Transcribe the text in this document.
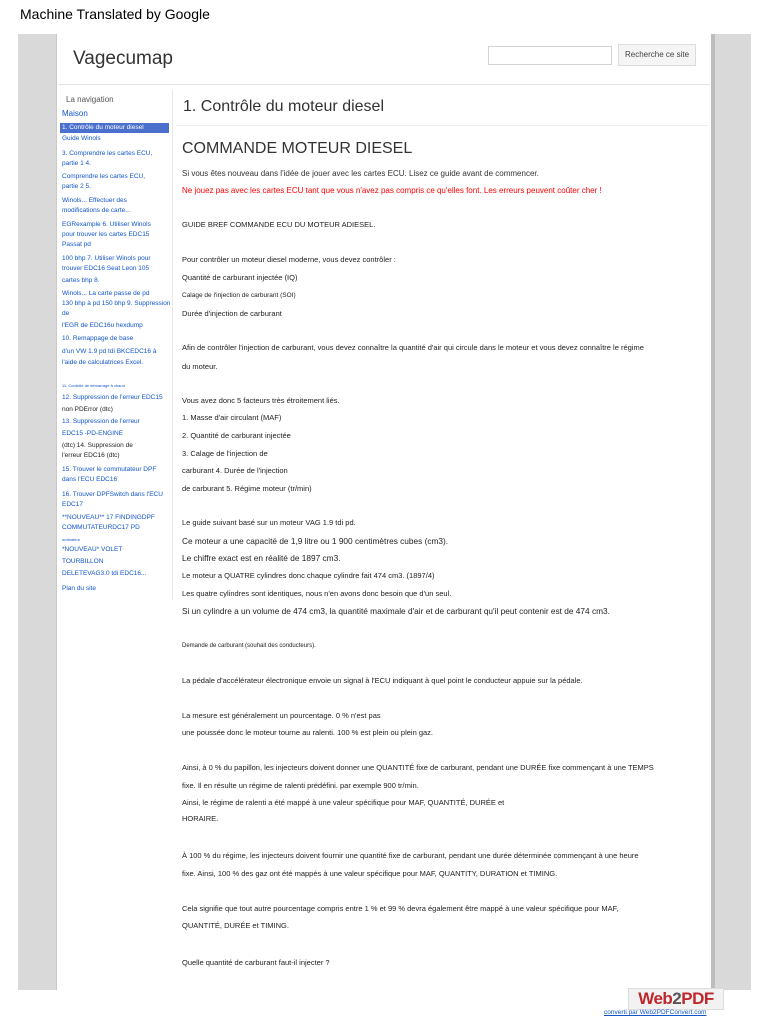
Machine Translated by Google
Vagecumap	Recherche ce site
La navigation
Maison
1. Contrôle du moteur diesel
Guide Winols
3. Comprendre les cartes ECU,
partie 1 4.
Comprendre les cartes ECU,
partie 2 5.
Winols... Effectuer des
modifications de carte...
EGRexample 6. Utiliser Winols
pour trouver les cartes EDC15
Passat pd
100 bhp 7. Utiliser Winols pour
trouver EDC16 Seat Leon 105
cartes bhp 8.
Winols... La carte passe de pd
130 bhp à pd 150 bhp 9. Suppression
de
l'EGR de EDC16u hexdump
10. Remappage de base
d'un VW 1.9 pd tdi BKCEDC16 à
l'aide de calculatrices Excel.
11. Contrôle de démarrage à chaud
12. Suppression de l'erreur EDC15
non PDError (dtc)
13. Suppression de l'erreur
EDC15 -PD-ENGINE
(dtc) 14. Suppression de
l'erreur EDC16 (dtc)
15. Trouver le commutateur DPF
dans l'ECU EDC16
16. Trouver DPFSwitch dans l'ECU
EDC17
**NOUVEAU** 17 FINDINGDPF
COMMUTATEURDC17 PD
ordinateur
*NOUVEAU* VOLET
TOURBILLON
DELETEVAG3.0 tdi EDC16...
Plan du site
1. Contrôle du moteur diesel
COMMANDE MOTEUR DIESEL
Si vous êtes nouveau dans l'idée de jouer avec les cartes ECU. Lisez ce guide avant de commencer.
Ne jouez pas avec les cartes ECU tant que vous n'avez pas compris ce qu'elles font. Les erreurs peuvent coûter cher !
GUIDE BREF COMMANDE ECU DU MOTEUR ADIESEL.
Pour contrôler un moteur diesel moderne, vous devez contrôler :
Quantité de carburant injectée (IQ)
Calage de l'injection de carburant (SOI)
Durée d'injection de carburant
Afin de contrôler l'injection de carburant, vous devez connaître la quantité d'air qui circule dans le moteur et vous devez connaître le régime
du moteur.
Vous avez donc 5 facteurs très étroitement liés.
1. Masse d'air circulant (MAF)
2. Quantité de carburant injectée
3. Calage de l'injection de
carburant 4. Durée de l'injection
de carburant 5. Régime moteur (tr/min)
Le guide suivant basé sur un moteur VAG 1.9 tdi pd.
Ce moteur a une capacité de 1,9 litre ou 1 900 centimètres cubes (cm3).
Le chiffre exact est en réalité de 1897 cm3.
Le moteur a QUATRE cylindres donc chaque cylindre fait 474 cm3. (1897/4)
Les quatre cylindres sont identiques, nous n'en avons donc besoin que d'un seul.
Si un cylindre a un volume de 474 cm3, la quantité maximale d'air et de carburant qu'il peut contenir est de 474 cm3.
Demande de carburant (souhait des conducteurs).
La pédale d'accélérateur électronique envoie un signal à l'ECU indiquant à quel point le conducteur appuie sur la pédale.
La mesure est généralement un pourcentage. 0 % n'est pas
une poussée donc le moteur tourne au ralenti. 100 % est plein ou plein gaz.
Ainsi, à 0 % du papillon, les injecteurs doivent donner une QUANTITÉ fixe de carburant, pendant une DURÉE fixe commençant à une TEMPS
fixe. Il en résulte un régime de ralenti prédéfini. par exemple 900 tr/min.
Ainsi, le régime de ralenti a été mappé à une valeur spécifique pour MAF, QUANTITÉ, DURÉE et
HORAIRE.
À 100 % du régime, les injecteurs doivent fournir une quantité fixe de carburant, pendant une durée déterminée commençant à une heure
fixe. Ainsi, 100 % des gaz ont été mappés à une valeur spécifique pour MAF, QUANTITY, DURATION et TIMING.
Cela signifie que tout autre pourcentage compris entre 1 % et 99 % devra également être mappé à une valeur spécifique pour MAF,
QUANTITÉ, DURÉE et TIMING.
Quelle quantité de carburant faut-il injecter ?
Web2PDF
converti par Web2PDFConvert.com
